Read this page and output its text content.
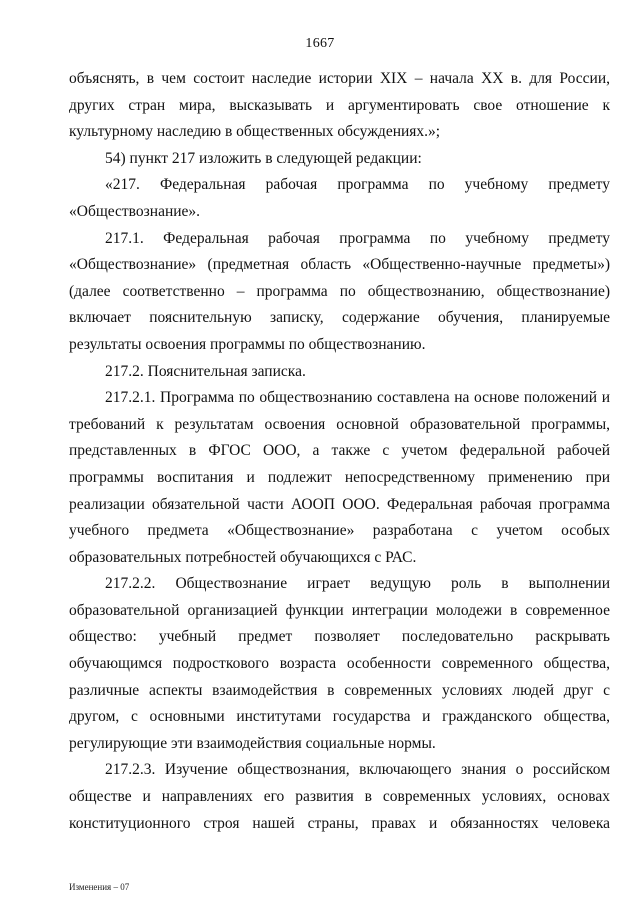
1667

объяснять, в чем состоит наследие истории XIX – начала XX в. для России, других стран мира, высказывать и аргументировать свое отношение к культурному наследию в общественных обсуждениях.»;

54) пункт 217 изложить в следующей редакции:

«217. Федеральная рабочая программа по учебному предмету «Обществознание».

217.1. Федеральная рабочая программа по учебному предмету «Обществознание» (предметная область «Общественно-научные предметы») (далее соответственно – программа по обществознанию, обществознание) включает пояснительную записку, содержание обучения, планируемые результаты освоения программы по обществознанию.

217.2. Пояснительная записка.

217.2.1. Программа по обществознанию составлена на основе положений и требований к результатам освоения основной образовательной программы, представленных в ФГОС ООО, а также с учетом федеральной рабочей программы воспитания и подлежит непосредственному применению при реализации обязательной части АООП ООО. Федеральная рабочая программа учебного предмета «Обществознание» разработана с учетом особых образовательных потребностей обучающихся с РАС.

217.2.2. Обществознание играет ведущую роль в выполнении образовательной организацией функции интеграции молодежи в современное общество: учебный предмет позволяет последовательно раскрывать обучающимся подросткового возраста особенности современного общества, различные аспекты взаимодействия в современных условиях людей друг с другом, с основными институтами государства и гражданского общества, регулирующие эти взаимодействия социальные нормы.

217.2.3. Изучение обществознания, включающего знания о российском обществе и направлениях его развития в современных условиях, основах конституционного строя нашей страны, правах и обязанностях человека

Изменения – 07
